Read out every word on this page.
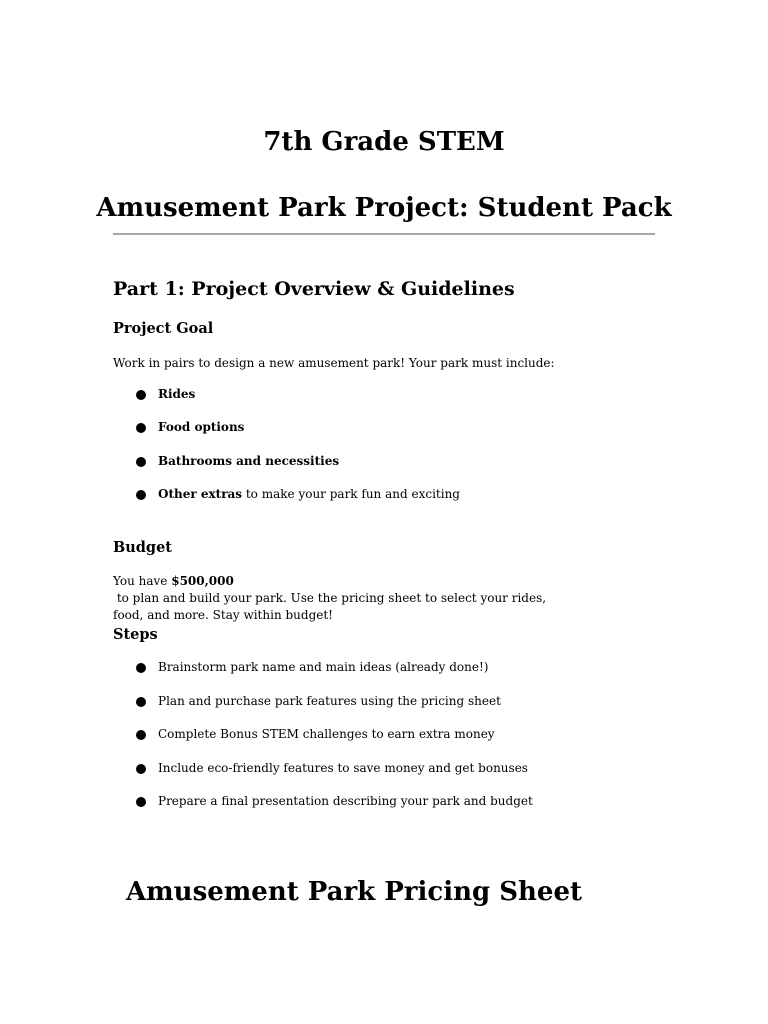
7th Grade STEM
Amusement Park Project: Student Pack
Part 1: Project Overview & Guidelines
Project Goal
Work in pairs to design a new amusement park! Your park must include:
Rides
Food options
Bathrooms and necessities
Other extras to make your park fun and exciting
Budget
You have $500,000 to plan and build your park. Use the pricing sheet to select your rides,
food, and more. Stay within budget!
Steps
Brainstorm park name and main ideas (already done!)
Plan and purchase park features using the pricing sheet
Complete Bonus STEM challenges to earn extra money
Include eco-friendly features to save money and get bonuses
Prepare a final presentation describing your park and budget
Amusement Park Pricing Sheet
